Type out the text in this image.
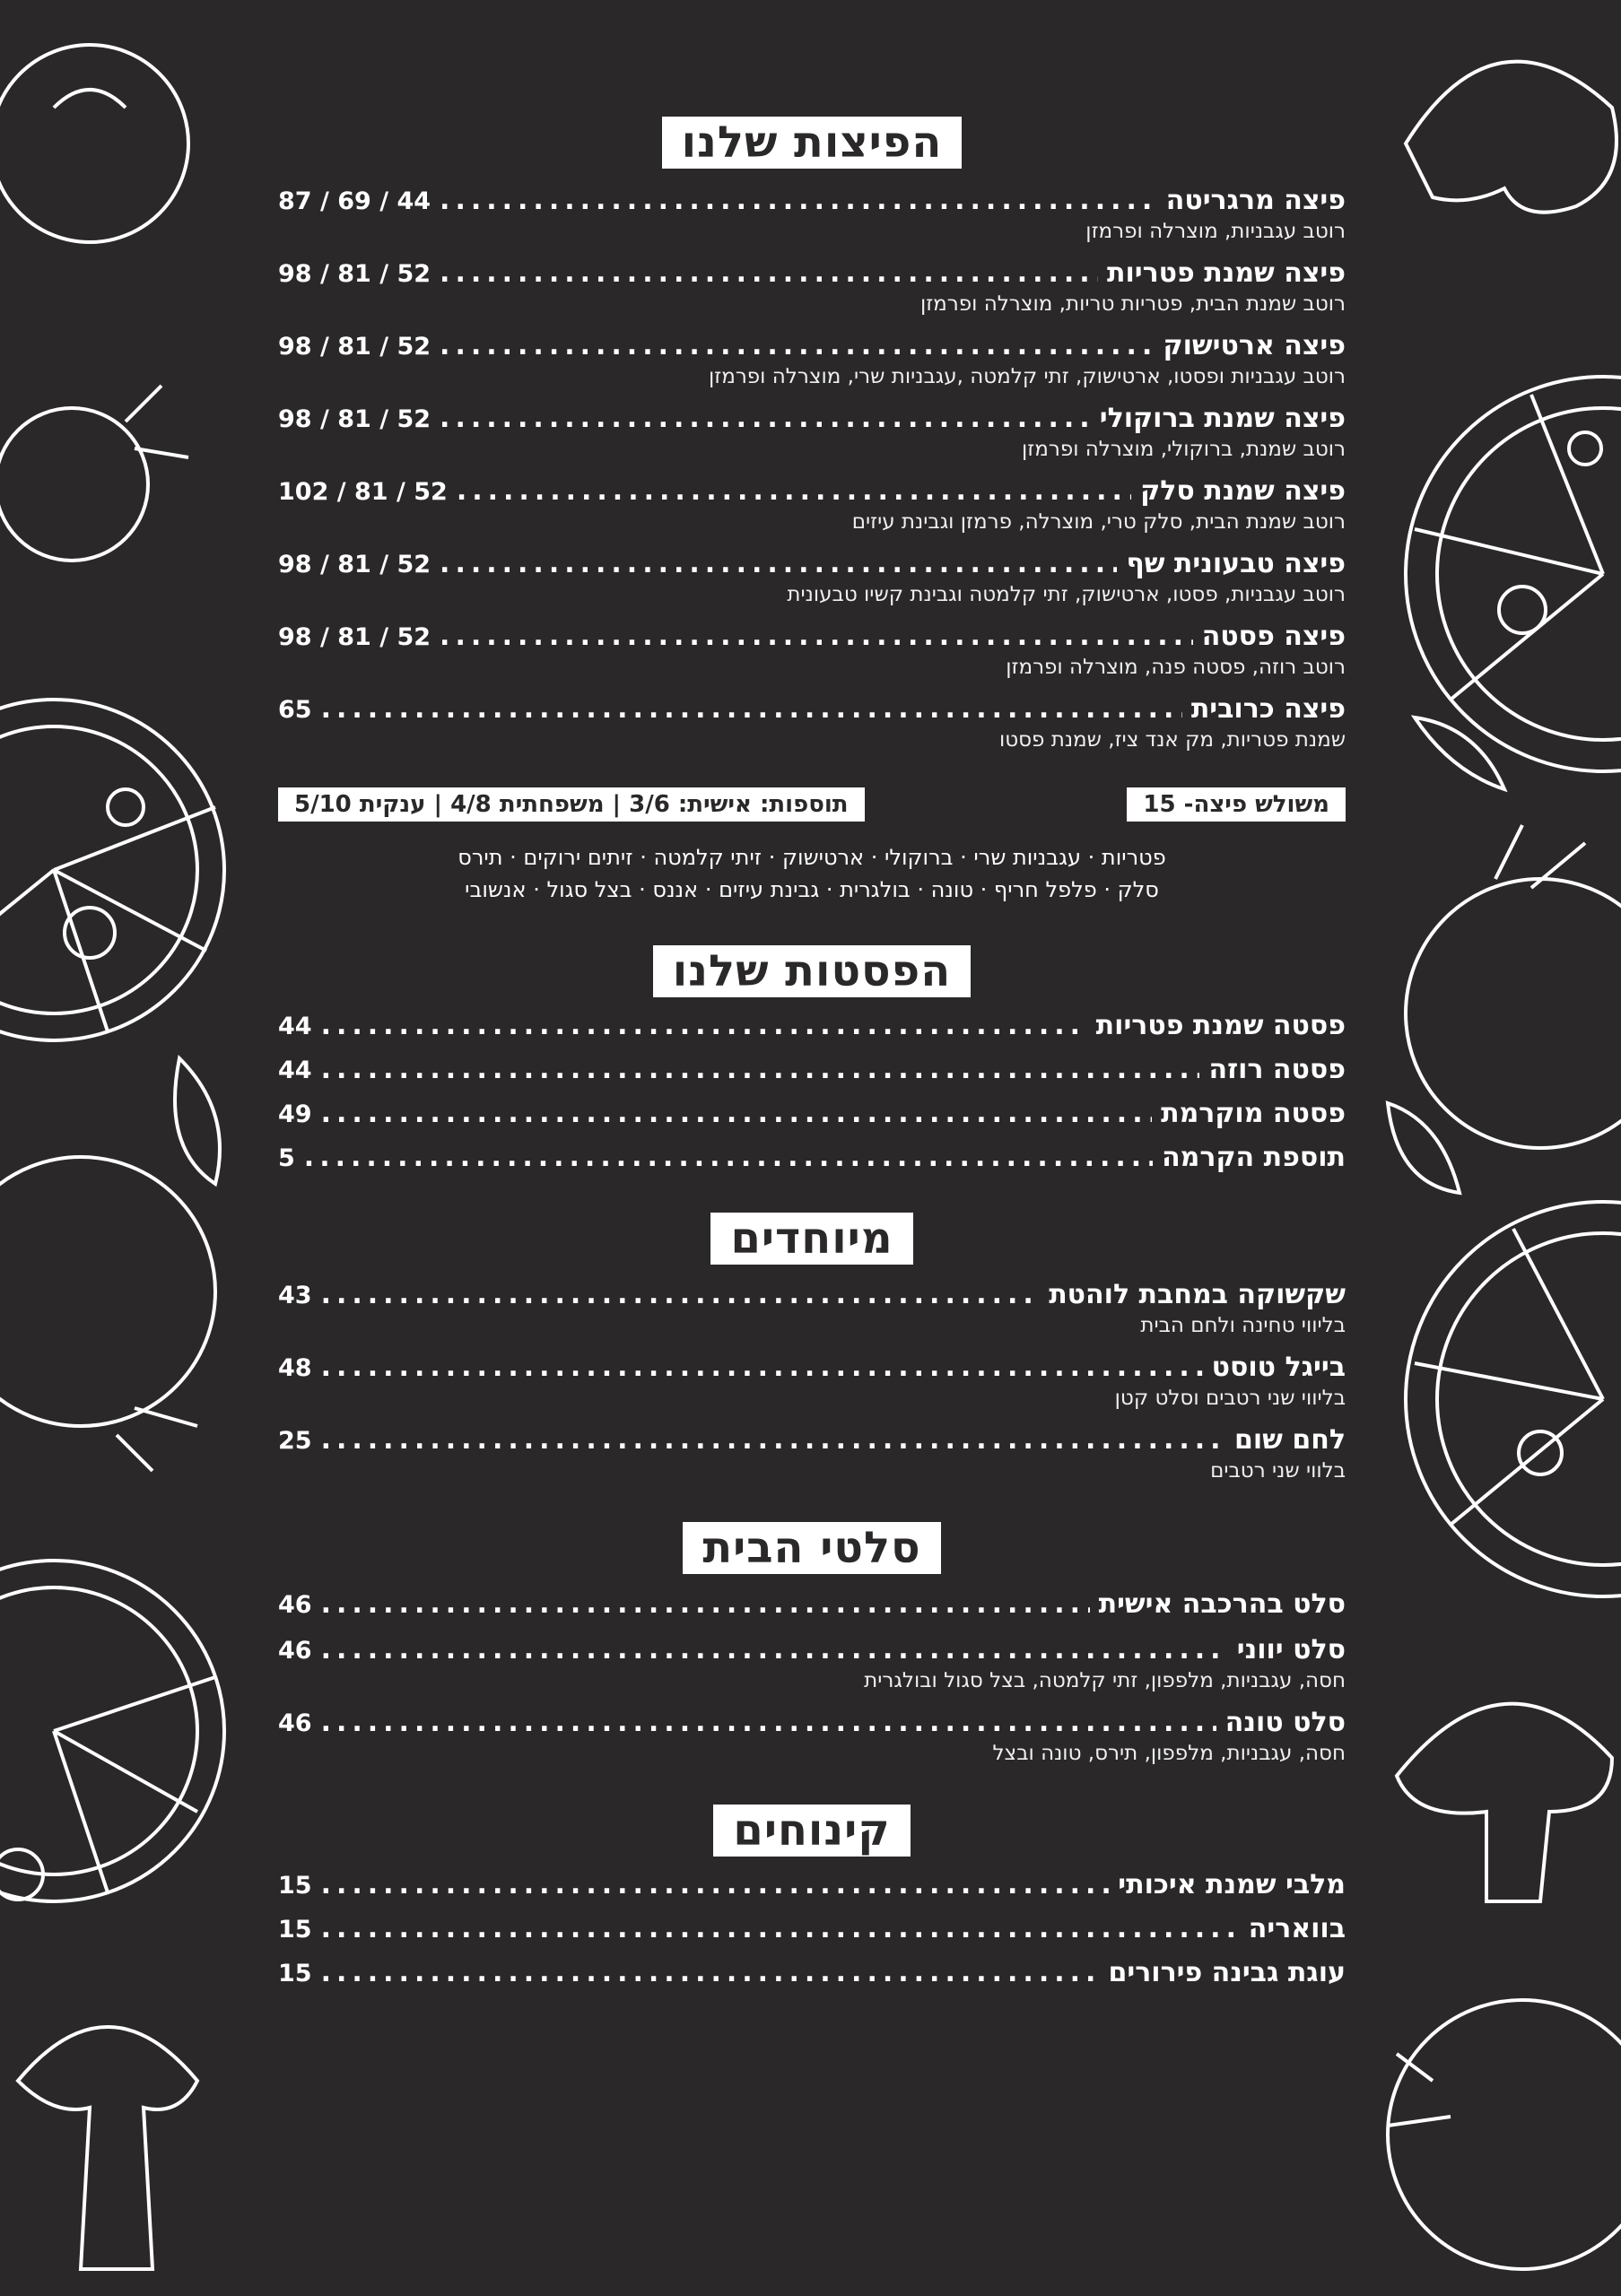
הפיצות שלנו
פיצה מרגריטה
.....
87 / 69 / 44
רוטב עגבניות, מוצרלה ופרמזן
פיצה שמנת פטריות
.....
98 / 81 / 52
רוטב שמנת הבית, פטריות טריות, מוצרלה ופרמזן
פיצה ארטישוק
.....
98 / 81 / 52
רוטב עגבניות ופסטו, ארטישוק, זתי קלמטה ,עגבניות שרי, מוצרלה ופרמזן
פיצה שמנת ברוקולי
.....
98 / 81 / 52
רוטב שמנת, ברוקולי, מוצרלה ופרמזן
פיצה שמנת סלק
.....
102 / 81 / 52
רוטב שמנת הבית, סלק טרי, מוצרלה, פרמזן וגבינת עיזים
פיצה טבעונית שף
.....
98 / 81 / 52
רוטב עגבניות, פסטו, ארטישוק, זתי קלמטה וגבינת קשיו טבעונית
פיצה פסטה
.....
98 / 81 / 52
רוטב רוזה, פסטה פנה, מוצרלה ופרמזן
פיצה כרובית
.....
65
שמנת פטריות, מק אנד ציז, שמנת פסטו
משולש פיצה- 15
תוספות: אישית: 3/6 | משפחתית 4/8 | ענקית 5/10
פטריות · עגבניות שרי · ברוקולי · ארטישוק · זיתי קלמטה · זיתים ירוקים · תירס
סלק · פלפל חריף · טונה · בולגרית · גבינת עיזים · אננס · בצל סגול · אנשובי
הפסטות שלנו
פסטה שמנת פטריות
.....
44
פסטה רוזה
.....
44
פסטה מוקרמת
.....
49
תוספת הקרמה
.....
5
מיוחדים
שקשוקה במחבת לוהטת
.....
43
בליווי טחינה ולחם הבית
בייגל טוסט
.....
48
בליווי שני רטבים וסלט קטן
לחם שום
.....
25
בלווי שני רטבים
סלטי הבית
סלט בהרכבה אישית
.....
46
סלט יווני
.....
46
חסה, עגבניות, מלפפון, זתי קלמטה, בצל סגול ובולגרית
סלט טונה
.....
46
חסה, עגבניות, מלפפון, תירס, טונה ובצל
קינוחים
מלבי שמנת איכותי
.....
15
בוואריה
.....
15
עוגת גבינה פירורים
.....
15
